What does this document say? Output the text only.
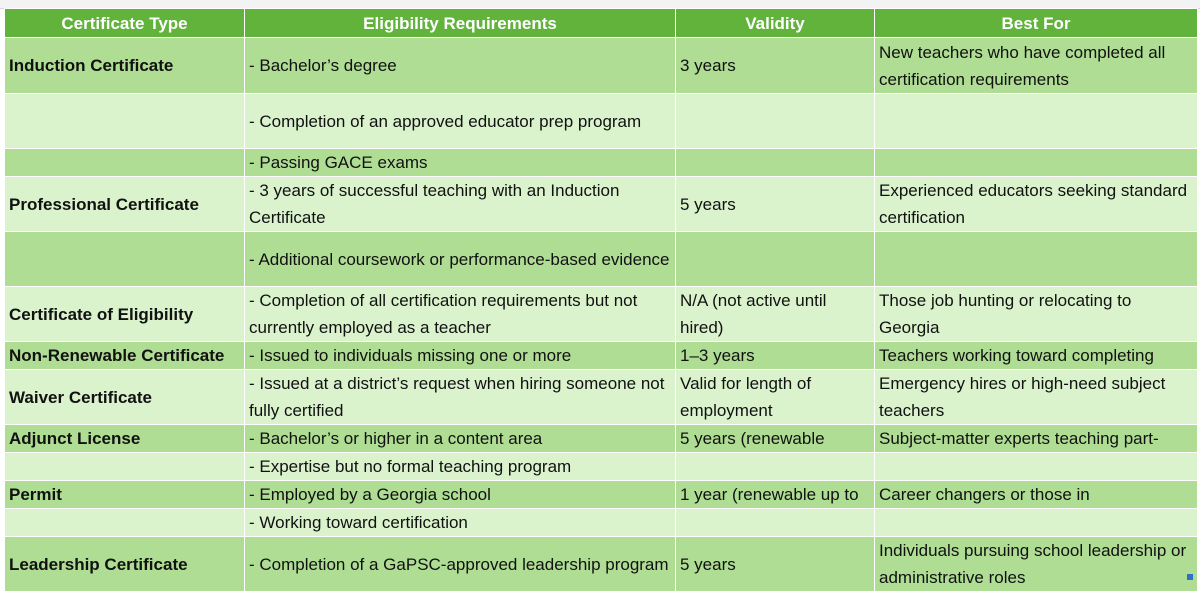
Certificate Type	Eligibility Requirements	Validity	Best For
Induction Certificate	- Bachelor’s degree	3 years	New teachers who have completed all certification requirements
	- Completion of an approved educator prep program		
	- Passing GACE exams		
Professional Certificate	- 3 years of successful teaching with an Induction Certificate	5 years	Experienced educators seeking standard certification
	- Additional coursework or performance-based evidence		
Certificate of Eligibility	- Completion of all certification requirements but not currently employed as a teacher	N/A (not active until hired)	Those job hunting or relocating to Georgia
Non-Renewable Certificate	- Issued to individuals missing one or more	1–3 years	Teachers working toward completing
Waiver Certificate	- Issued at a district’s request when hiring someone not fully certified	Valid for length of employment	Emergency hires or high-need subject teachers
Adjunct License	- Bachelor’s or higher in a content area	5 years (renewable	Subject-matter experts teaching part-
	- Expertise but no formal teaching program		
Permit	- Employed by a Georgia school	1 year (renewable up to	Career changers or those in
	- Working toward certification		
Leadership Certificate	- Completion of a GaPSC-approved leadership program	5 years	Individuals pursuing school leadership or administrative roles
